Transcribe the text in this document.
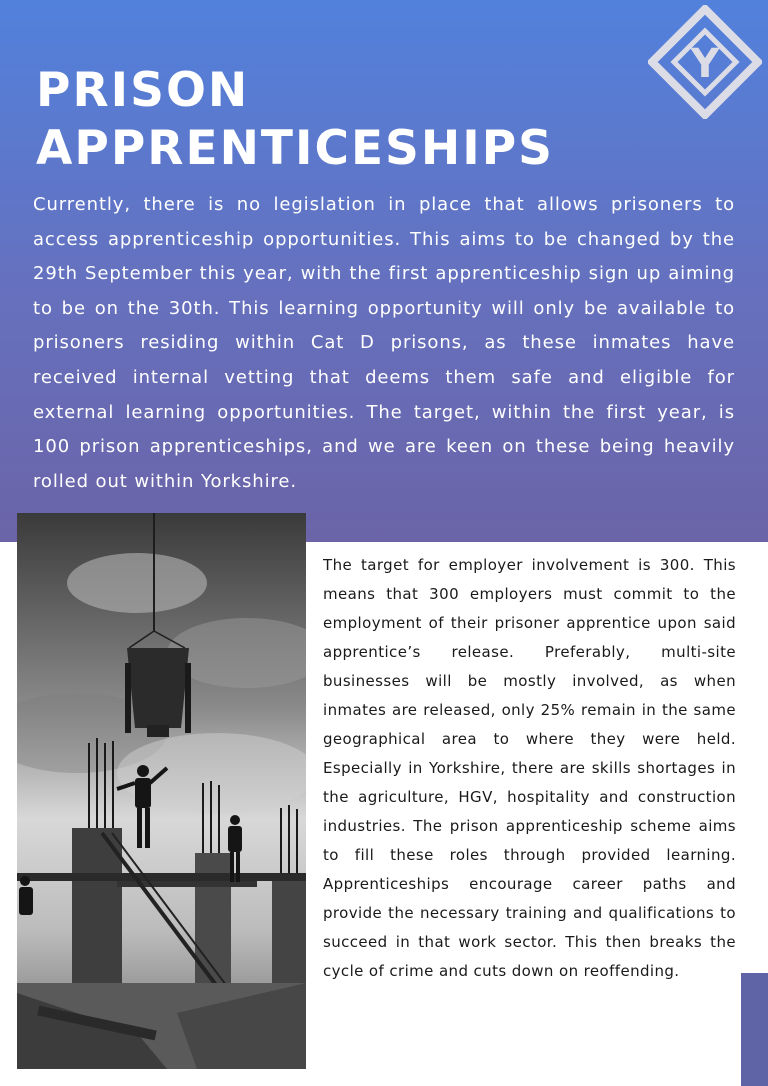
Y
PRISON
APPRENTICESHIPS

Currently, there is no legislation in place that allows prisoners to access apprenticeship opportunities. This aims to be changed by the 29th September this year, with the first apprenticeship sign up aiming to be on the 30th. This learning opportunity will only be available to prisoners residing within Cat D prisons, as these inmates have received internal vetting that deems them safe and eligible for external learning opportunities. The target, within the first year, is 100 prison apprenticeships, and we are keen on these being heavily rolled out within Yorkshire.

The target for employer involvement is 300. This means that 300 employers must commit to the employment of their prisoner apprentice upon said apprentice’s release. Preferably, multi-site businesses will be mostly involved, as when inmates are released, only 25% remain in the same geographical area to where they were held. Especially in Yorkshire, there are skills shortages in the agriculture, HGV, hospitality and construction industries. The prison apprenticeship scheme aims to fill these roles through provided learning. Apprenticeships encourage career paths and provide the necessary training and qualifications to succeed in that work sector. This then breaks the cycle of crime and cuts down on reoffending.
